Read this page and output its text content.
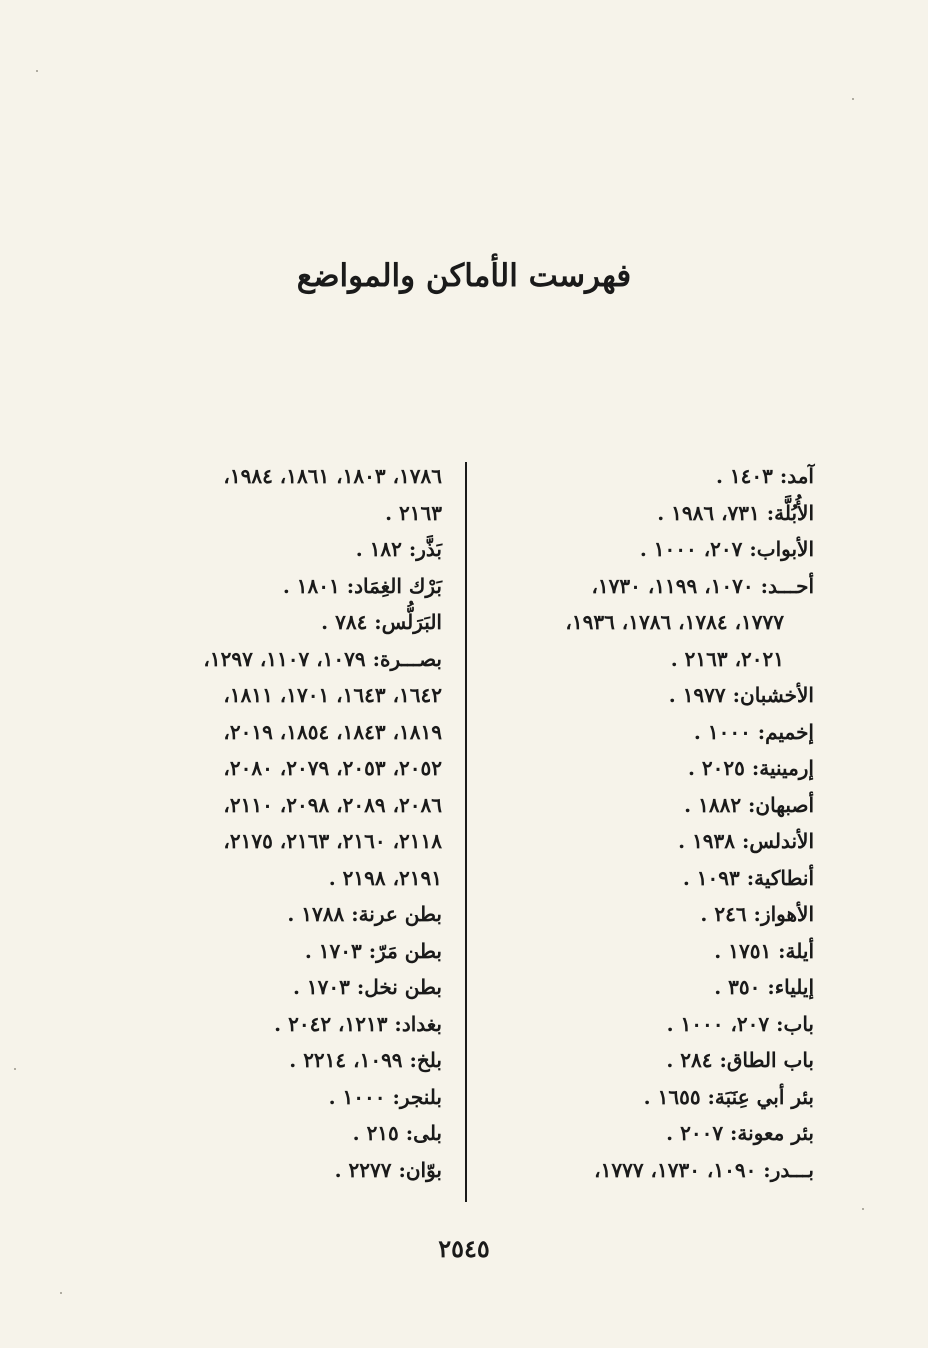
فهرست الأماكن والمواضع
آمد: ١٤٠٣ .
الأُبُلَّة: ٧٣١، ١٩٨٦ .
الأبواب: ٢٠٧، ١٠٠٠ .
أحـــد: ١٠٧٠، ١١٩٩، ١٧٣٠،
١٧٧٧، ١٧٨٤، ١٧٨٦، ١٩٣٦،
٢٠٢١، ٢١٦٣ .
الأخشبان: ١٩٧٧ .
إخميم: ١٠٠٠ .
إرمينية: ٢٠٢٥ .
أصبهان: ١٨٨٢ .
الأندلس: ١٩٣٨ .
أنطاكية: ١٠٩٣ .
الأهواز: ٢٤٦ .
أيلة: ١٧٥١ .
إيلياء: ٣٥٠ .
باب: ٢٠٧، ١٠٠٠ .
باب الطاق: ٢٨٤ .
بئر أبي عِنَبَة: ١٦٥٥ .
بئر معونة: ٢٠٠٧ .
بـــدر: ١٠٩٠، ١٧٣٠، ١٧٧٧،
١٧٨٦، ١٨٠٣، ١٨٦١، ١٩٨٤،
٢١٦٣ .
بَذَّر: ١٨٢ .
بَرْك الغِمَاد: ١٨٠١ .
البَرَلُّس: ٧٨٤ .
بصـــرة: ١٠٧٩، ١١٠٧، ١٢٩٧،
١٦٤٢، ١٦٤٣، ١٧٠١، ١٨١١،
١٨١٩، ١٨٤٣، ١٨٥٤، ٢٠١٩،
٢٠٥٢، ٢٠٥٣، ٢٠٧٩، ٢٠٨٠،
٢٠٨٦، ٢٠٨٩، ٢٠٩٨، ٢١١٠،
٢١١٨، ٢١٦٠، ٢١٦٣، ٢١٧٥،
٢١٩١، ٢١٩٨ .
بطن عرنة: ١٧٨٨ .
بطن مَرّ: ١٧٠٣ .
بطن نخل: ١٧٠٣ .
بغداد: ١٢١٣، ٢٠٤٢ .
بلخ: ١٠٩٩، ٢٢١٤ .
بلنجر: ١٠٠٠ .
بلى: ٢١٥ .
بوّان: ٢٢٧٧ .
٢٥٤٥
